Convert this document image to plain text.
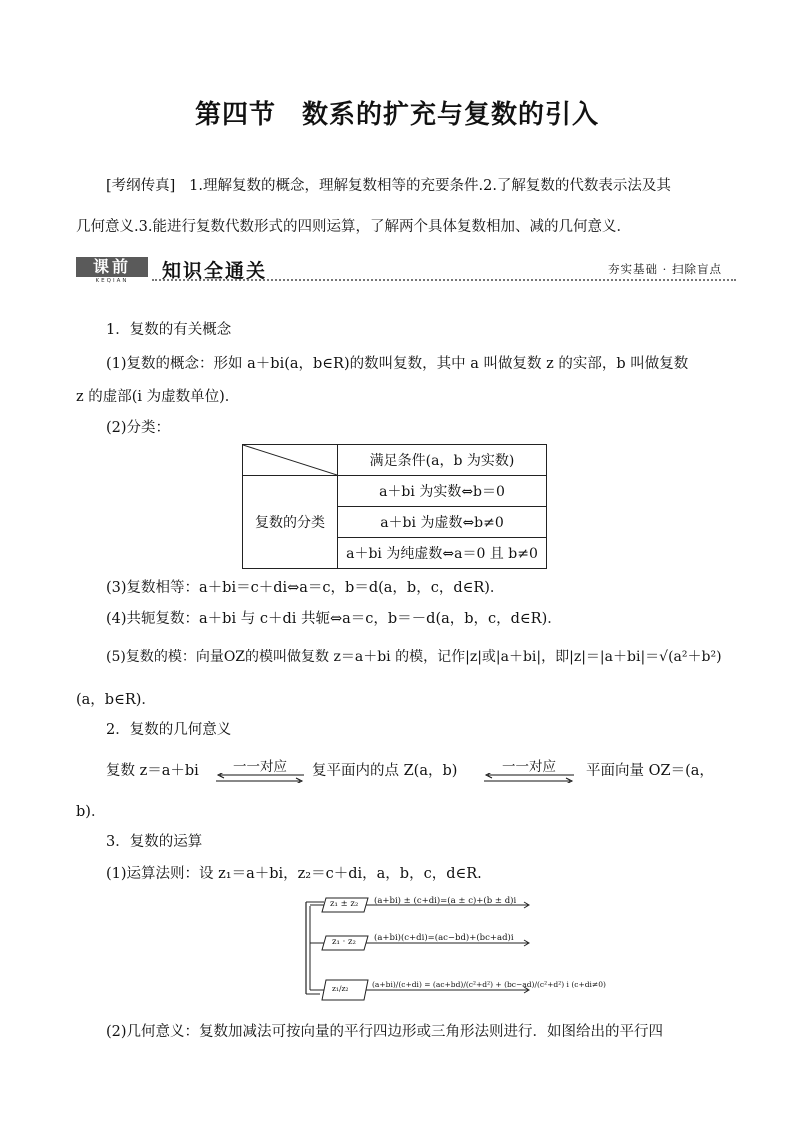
第四节 数系的扩充与复数的引入
[考纲传真] 1.理解复数的概念，理解复数相等的充要条件.2.了解复数的代数表示法及其
几何意义.3.能进行复数代数形式的四则运算，了解两个具体复数相加、减的几何意义．
课前
KEQIAN	知识全通关	夯实基础 · 扫除盲点
1．复数的有关概念
(1)复数的概念：形如 a＋bi(a，b∈R)的数叫复数，其中 a 叫做复数 z 的实部，b 叫做复数
z 的虚部(i 为虚数单位)．
(2)分类：
	满足条件(a，b 为实数)
复数的分类	a＋bi 为实数⇔b＝0
	a＋bi 为虚数⇔b≠0
	a＋bi 为纯虚数⇔a＝0 且 b≠0
(3)复数相等：a＋bi＝c＋di⇔a＝c，b＝d(a，b，c，d∈R)．
(4)共轭复数：a＋bi 与 c＋di 共轭⇔a＝c，b＝－d(a，b，c，d∈R)．
(5)复数的模：向量OZ的模叫做复数 z＝a＋bi 的模，记作|z|或|a＋bi|，即|z|＝|a＋bi|＝√(a²＋b²)
(a，b∈R)．
2．复数的几何意义
复数 z＝a＋bi	一一对应	复平面内的点 Z(a，b)	一一对应	平面向量 OZ＝(a，
b)．
3．复数的运算
(1)运算法则：设 z₁＝a＋bi，z₂＝c＋di，a，b，c，d∈R.
z₁ ± z₂ (a+bi) ± (c+di)=(a ± c)+(b ± d)i
z₁ · z₂ (a+bi)(c+di)=(ac−bd)+(bc+ad)i
z₁/z₂	(a+bi)/(c+di) = (ac+bd)/(c²+d²) + (bc−ad)/(c²+d²) i (c+di≠0)
(2)几何意义：复数加减法可按向量的平行四边形或三角形法则进行．如图给出的平行四
